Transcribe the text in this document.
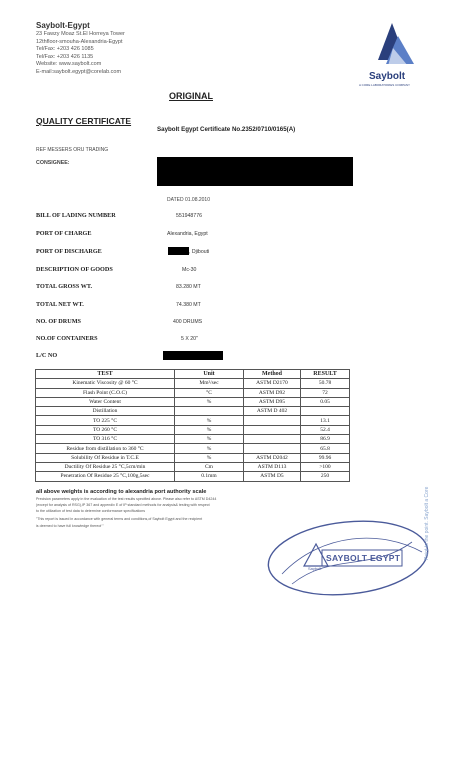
Saybolt-Egypt
23 Fawzy Moaz St.El Horreya Tower
12thfloor-smouha-Alexandria-Egypt
Tel/Fax: +203 426 1085
Tel/Fax: +203 426 1135
Website: www.saybolt.com
E-mail:saybolt.egypt@corelab.com	Saybolt
A CORE LABORATORIES COMPANY
ORIGINAL
QUALITY CERTIFICATE
Saybolt Egypt Certificate No.2352/0710/0165(A)
REF MESSERS ORU TRADING
CONSIGNEE:
DATED 01.08.2010
BILL OF LADING NUMBER	551948776
PORT OF CHARGE	Alexandria, Egypt
PORT OF DISCHARGE	, Djibouti
DESCRIPTION OF GOODS	Mc-30
TOTAL GROSS WT.	83.280 MT
TOTAL NET WT.	74.380 MT
NO. OF DRUMS	400 DRUMS
NO.OF CONTAINERS	5 X 20"
L/C NO
TEST	Unit	Method	RESULT
Kinematic Viscosity @ 60 °C	Mm²/sec	ASTM D2170	50.78
Flash Point (C.O.C)	°C	ASTM D92	72
Water Content	%	ASTM D95	0.05
Distillation		ASTM D 402	
TO 225 °C	%		13.1
TO 260 °C	%		52.4
TO 316 °C	%		86.9
Residue from distillation to 360 °C	%		65.8
Solubility Of Residue in T.C.E	%	ASTM D2042	99.96
Ductility Of Residue 25 °C,5cm/min	Cm	ASTM D113	>100
Penetration Of Residue 25 °C,100g,5sec	0.1mm	ASTM D5	250
all above weights is according to alexandria port authority scale
Precision parameters apply in the evaluation of the test results specified above. Please also refer to ASTM D4244
(except for analysis of RSG),IP 367 and appendix E of IP standard methods for analysis& testing with respect
to the utilization of test data to determine conformance specifications
"This report is issued in accordance with general terms and conditions,of Saybolt Egypt and the recipient
is deemed to have full knowledge thereof "
SAYBOLT EGYPT
Saybolt
Point to the point. Saybolt a Core
